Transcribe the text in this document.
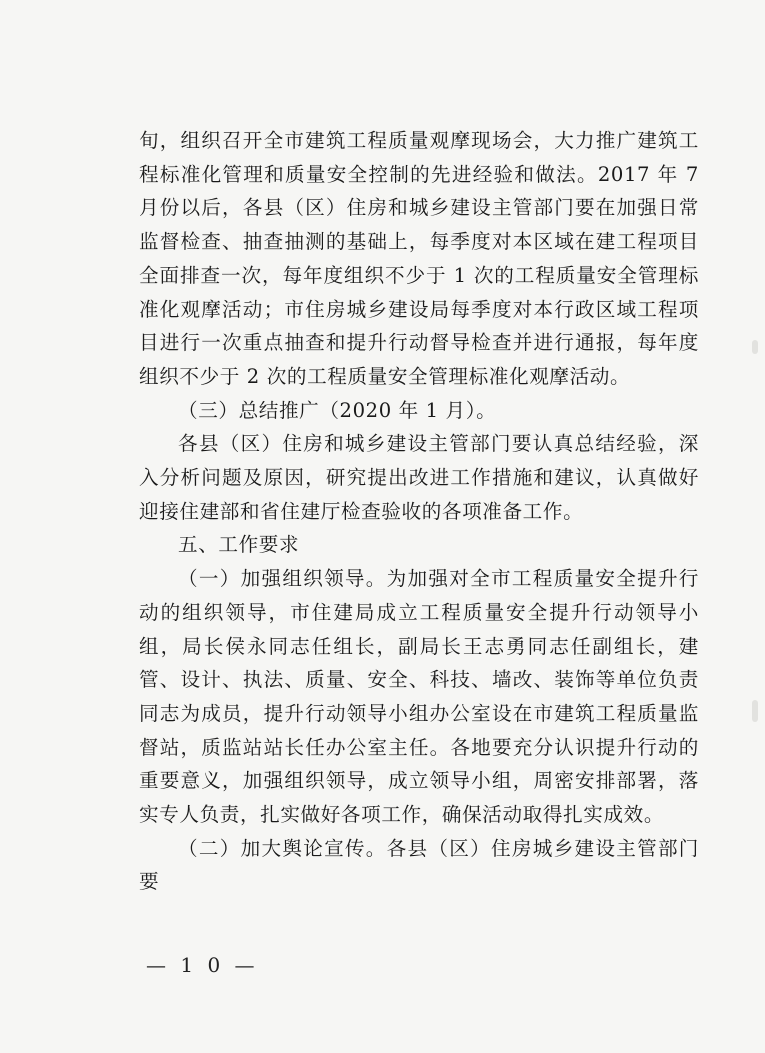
旬，组织召开全市建筑工程质量观摩现场会，大力推广建筑工程标准化管理和质量安全控制的先进经验和做法。2017 年 7 月份以后，各县（区）住房和城乡建设主管部门要在加强日常监督检查、抽查抽测的基础上，每季度对本区域在建工程项目全面排查一次，每年度组织不少于 1 次的工程质量安全管理标准化观摩活动；市住房城乡建设局每季度对本行政区域工程项目进行一次重点抽查和提升行动督导检查并进行通报，每年度组织不少于 2 次的工程质量安全管理标准化观摩活动。

（三）总结推广（2020 年 1 月）。

各县（区）住房和城乡建设主管部门要认真总结经验，深入分析问题及原因，研究提出改进工作措施和建议，认真做好迎接住建部和省住建厅检查验收的各项准备工作。

五、工作要求

（一）加强组织领导。为加强对全市工程质量安全提升行动的组织领导，市住建局成立工程质量安全提升行动领导小组，局长侯永同志任组长，副局长王志勇同志任副组长，建管、设计、执法、质量、安全、科技、墙改、装饰等单位负责同志为成员，提升行动领导小组办公室设在市建筑工程质量监督站，质监站站长任办公室主任。各地要充分认识提升行动的重要意义，加强组织领导，成立领导小组，周密安排部署，落实专人负责，扎实做好各项工作，确保活动取得扎实成效。

（二）加大舆论宣传。各县（区）住房城乡建设主管部门要

— 1 0 —
